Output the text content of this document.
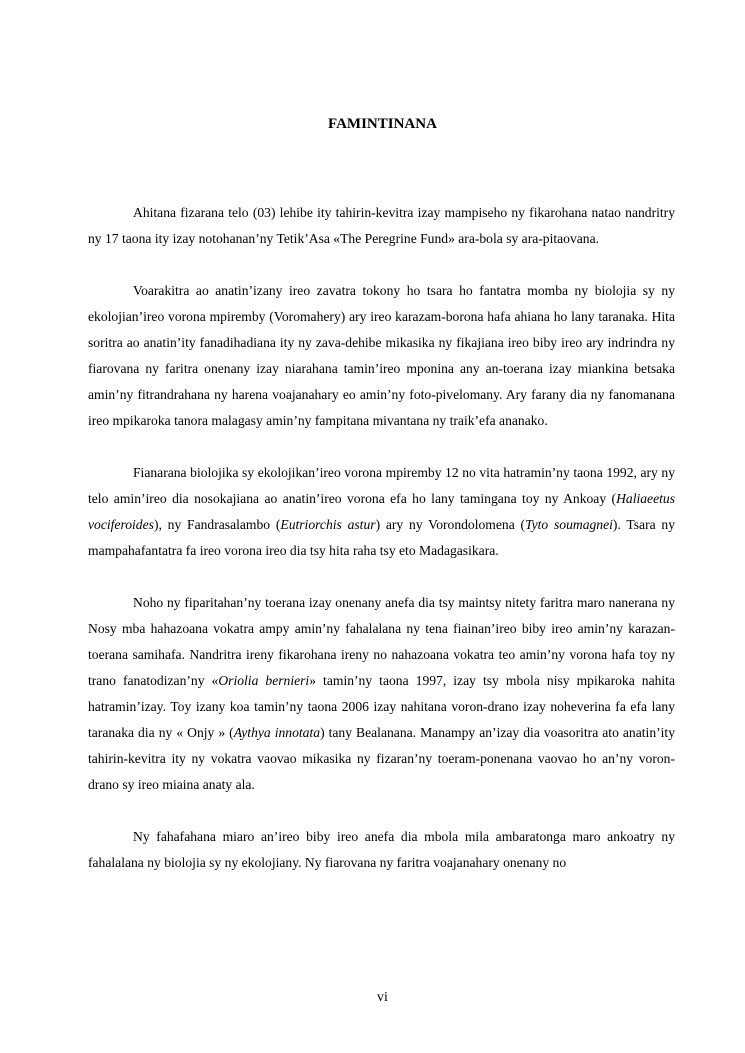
FAMINTINANA

Ahitana fizarana telo (03) lehibe ity tahirin-kevitra izay mampiseho ny fikarohana natao nandritry ny 17 taona ity izay notohanan’ny Tetik’Asa «The Peregrine Fund» ara-bola sy ara-pitaovana.

Voarakitra ao anatin’izany ireo zavatra tokony ho tsara ho fantatra momba ny biolojia sy ny ekolojian’ireo vorona mpiremby (Voromahery) ary ireo karazam-borona hafa ahiana ho lany taranaka. Hita soritra ao anatin’ity fanadihadiana ity ny zava-dehibe mikasika ny fikajiana ireo biby ireo ary indrindra ny fiarovana ny faritra onenany izay niarahana tamin’ireo mponina any an-toerana izay miankina betsaka amin’ny fitrandrahana ny harena voajanahary eo amin’ny foto-pivelomany. Ary farany dia ny fanomanana ireo mpikaroka tanora malagasy amin’ny fampitana mivantana ny traik’efa ananako.

Fianarana biolojika sy ekolojikan’ireo vorona mpiremby 12 no vita hatramin’ny taona 1992, ary ny telo amin’ireo dia nosokajiana ao anatin’ireo vorona efa ho lany tamingana toy ny Ankoay (Haliaeetus vociferoides), ny Fandrasalambo (Eutriorchis astur) ary ny Vorondolomena (Tyto soumagnei). Tsara ny mampahafantatra fa ireo vorona ireo dia tsy hita raha tsy eto Madagasikara.

Noho ny fiparitahan’ny toerana izay onenany anefa dia tsy maintsy nitety faritra maro nanerana ny Nosy mba hahazoana vokatra ampy amin’ny fahalalana ny tena fiainan’ireo biby ireo amin’ny karazan-toerana samihafa. Nandritra ireny fikarohana ireny no nahazoana vokatra teo amin’ny vorona hafa toy ny trano fanatodizan’ny «Oriolia bernieri» tamin’ny taona 1997, izay tsy mbola nisy mpikaroka nahita hatramin’izay. Toy izany koa tamin’ny taona 2006 izay nahitana voron-drano izay noheverina fa efa lany taranaka dia ny « Onjy » (Aythya innotata) tany Bealanana. Manampy an’izay dia voasoritra ato anatin’ity tahirin-kevitra ity ny vokatra vaovao mikasika ny fizaran’ny toeram-ponenana vaovao ho an’ny voron-drano sy ireo miaina anaty ala.

Ny fahafahana miaro an’ireo biby ireo anefa dia mbola mila ambaratonga maro ankoatry ny fahalalana ny biolojia sy ny ekolojiany. Ny fiarovana ny faritra voajanahary onenany no

vi
